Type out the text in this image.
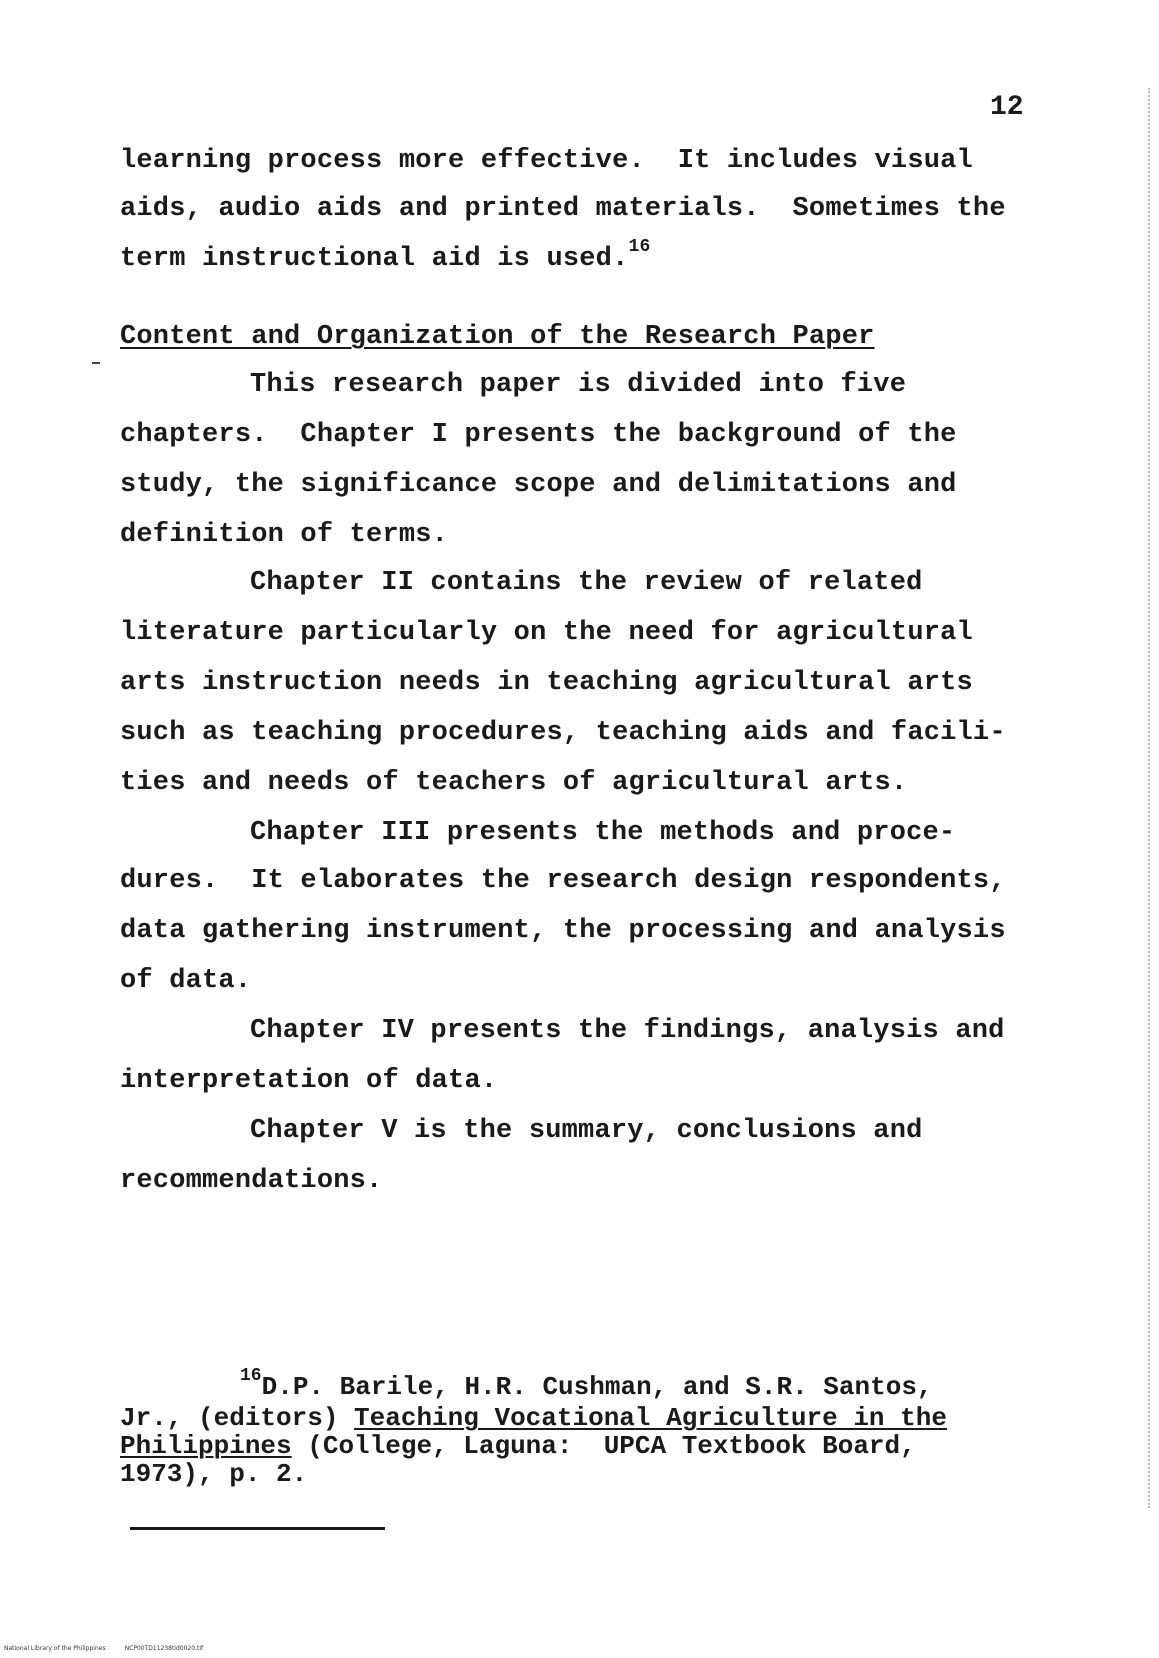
12
learning process more effective.  It includes visual
aids, audio aids and printed materials.  Sometimes the
term instructional aid is used.$^{16}$
Content and Organization of the Research Paper
This research paper is divided into five
chapters.  Chapter I presents the background of the
study, the significance scope and delimitations and
definition of terms.
Chapter II contains the review of related
literature particularly on the need for agricultural
arts instruction needs in teaching agricultural arts
such as teaching procedures, teaching aids and facili-
ties and needs of teachers of agricultural arts.
Chapter III presents the methods and proce-
dures.  It elaborates the research design respondents,
data gathering instrument, the processing and analysis
of data.
Chapter IV presents the findings, analysis and
interpretation of data.
Chapter V is the summary, conclusions and
recommendations.
$^{16}$D.P. Barile, H.R. Cushman, and S.R. Santos,
Jr., (editors) Teaching Vocational Agriculture in the
Philippines (College, Laguna:  UPCA Textbook Board,
1973), p. 2.
National Library of the Philippines	NCP00TD11238tid0020.tif
